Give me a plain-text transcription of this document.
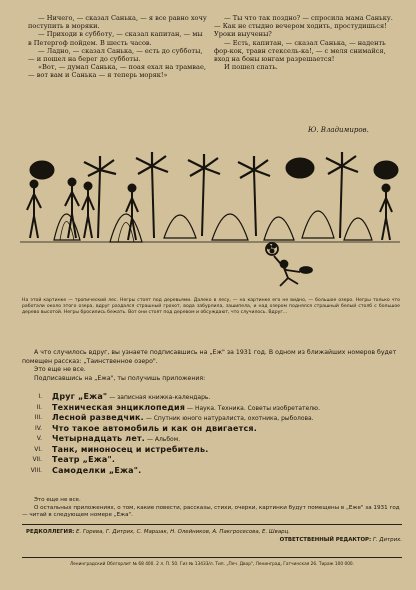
— Ничего, — сказал Санька, — я все равно хочу поступить в моряки.

— Приходи в субботу, — сказал капитан, — мы в Петергоф пойдем. В шесть часов.

— Ладно, — сказал Санька, — есть до субботы, — и пошел на берег до субботы.

«Вот, — думал Санька, — поая ехал на трамвае, — вот вам и Санька — я теперь моряк!»

— Ты что так поздно? — спросила мама Саньку. — Как не стыдно вечером ходить, простудишься! Уроки выучены?

— Есть, капитан, — сказал Санька, — наденть фор-кок, травн стексель-ка!, — с меля снимайся, вход на боны юнгам разрешается!

И пошел спать.

Ю. Владимиров.
На этой картинке — тропический лес. Негры стоят под деревьями. Далеко в лесу, — на картинке его не видно, — большое озеро. Негры только что работали около этого озера, вдруг раздался страшный грохот, вода забурлила, зашипела, и над озером поднялся страшный белый столб с большое дерево высотой. Негры бросились бежать. Вот они стоят под деревом и обсуждают, что случилось. Вдруг…

А что случилось вдруг, вы узнаете подписавшись на „Еж" за 1931 год. В одном из ближайших номеров будет помещен рассказ: „Таинственное озеро".

Это еще не все.

Подписавшись на „Ежа", ты получишь приложения:

I. Друг „Ежа" — записная книжка-календарь.
II. Техническая энциклопедия — Наука. Техника. Советы изобретателю.
III. Лесной разведчик. — Спутник юного натуралиста, охотника, рыболова.
IV. Что такое автомобиль и как он двигается.
V. Четырнадцать лет. — Альбом.
VI. Танк, миноносец и истребитель.
VII. Театр „Ежа".
VIII. Самоделки „Ежа".

Это еще не все.

О остальных приложениях, о том, какие повести, рассказы, стихи, очерки, картинки будут помещены в „Еже" за 1931 год — читай в следующем номере „Ежа".

РЕДКОЛЛЕГИЯ: Е. Горева, Г. Дитрих, С. Маршак, Н. Олейников, А. Пакгросесова, Е. Шварц.
ОТВЕТСТВЕННЫЙ РЕДАКТОР: Г. Дитрих.
Ленинградский Облгорлит № 68 400. 2 л. П. 50. Гиз № 13433/л. Тип. „Печ. Двор", Ленинград, Гатчинская 26. Тираж 100 000.
